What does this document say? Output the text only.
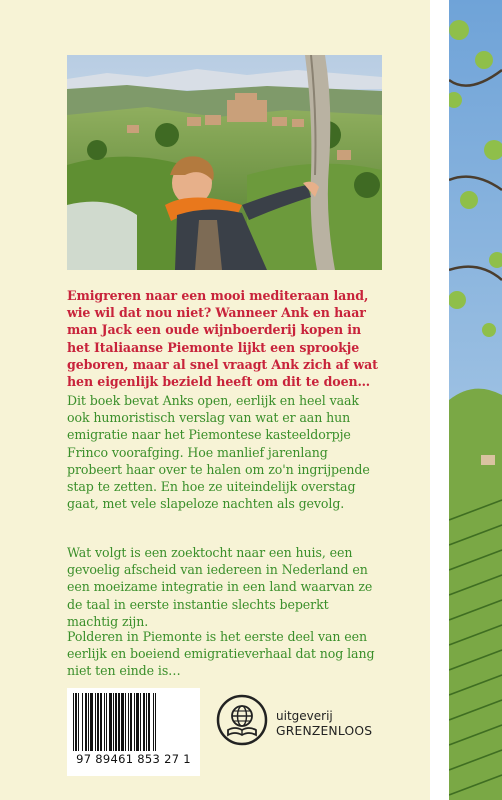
Emigreren naar een mooi mediteraan land, wie wil dat nou niet? Wanneer Ank en haar man Jack een oude wijnboerderij kopen in het Italiaanse Piemonte lijkt een sprookje geboren, maar al snel vraagt Ank zich af wat hen eigenlijk bezield heeft om dit te doen…

Dit boek bevat Anks open, eerlijk en heel vaak ook humoristisch verslag van wat er aan hun emigratie naar het Piemontese kasteeldorpje Frinco voorafging. Hoe manlief jarenlang probeert haar over te halen om zo'n ingrijpende stap te zetten. En hoe ze uiteindelijk overstag gaat, met vele slapeloze nachten als gevolg.

Wat volgt is een zoektocht naar een huis, een gevoelig afscheid van iedereen in Nederland en een moeizame integratie in een land waarvan ze de taal in eerste instantie slechts beperkt machtig zijn.

Polderen in Piemonte is het eerste deel van een eerlijk en boeiend emigratieverhaal dat nog lang niet ten einde is…

97 89461 853 27 1
uitgeverij
GRENZENLOOS
